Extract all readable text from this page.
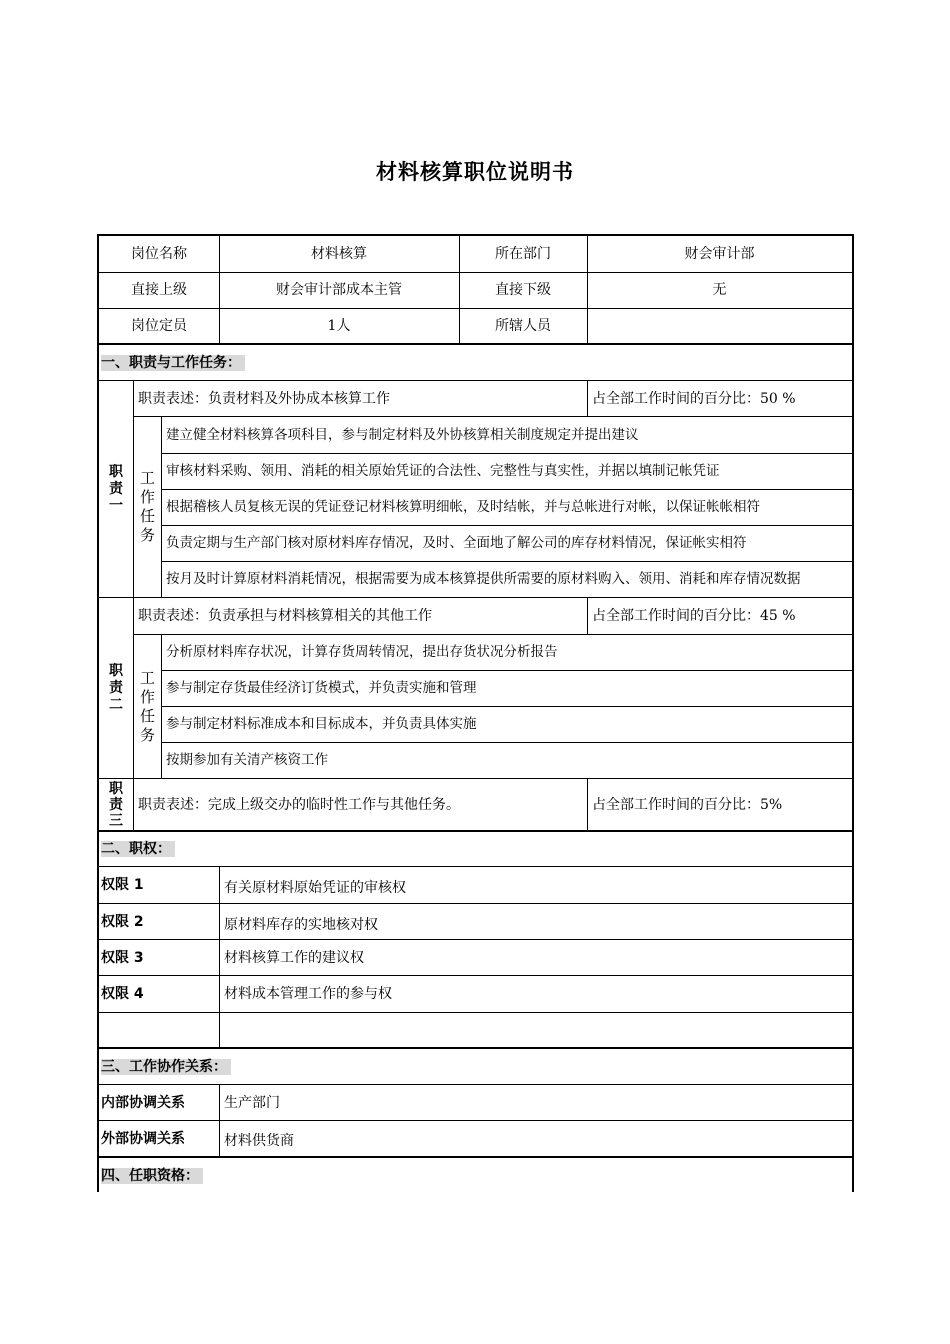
材料核算职位说明书
岗位名称	材料核算	所在部门	财会审计部
直接上级	财会审计部成本主管	直接下级	无
岗位定员	1人	所辖人员
一、职责与工作任务：
职
责
一
职责表述：负责材料及外协成本核算工作	占全部工作时间的百分比：50 %
工
作
任
务
建立健全材料核算各项科目，参与制定材料及外协核算相关制度规定并提出建议
审核材料采购、领用、消耗的相关原始凭证的合法性、完整性与真实性，并据以填制记帐凭证
根据稽核人员复核无误的凭证登记材料核算明细帐，及时结帐，并与总帐进行对帐，以保证帐帐相符
负责定期与生产部门核对原材料库存情况，及时、全面地了解公司的库存材料情况，保证帐实相符
按月及时计算原材料消耗情况，根据需要为成本核算提供所需要的原材料购入、领用、消耗和库存情况数据
职
责
二
职责表述：负责承担与材料核算相关的其他工作	占全部工作时间的百分比：45 %
工
作
任
务
分析原材料库存状况，计算存货周转情况，提出存货状况分析报告
参与制定存货最佳经济订货模式，并负责实施和管理
参与制定材料标准成本和目标成本，并负责具体实施
按期参加有关清产核资工作
职
责
三
职责表述：完成上级交办的临时性工作与其他任务。	占全部工作时间的百分比：5%
二、职权：
权限 1	有关原材料原始凭证的审核权
权限 2	原材料库存的实地核对权
权限 3	材料核算工作的建议权
权限 4	材料成本管理工作的参与权
三、工作协作关系：
内部协调关系	生产部门
外部协调关系	材料供货商
四、任职资格：
